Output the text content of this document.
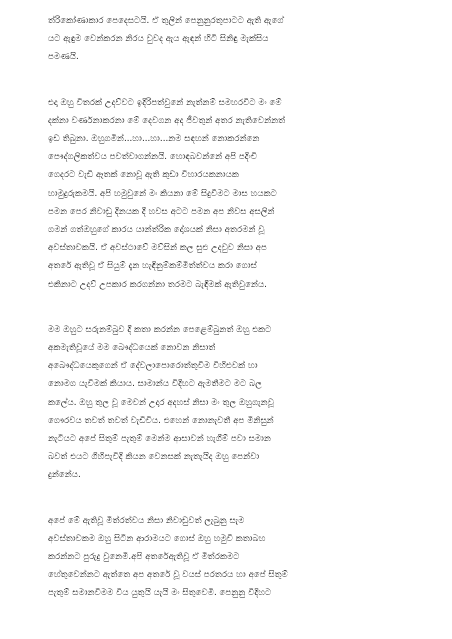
ත්රිකෝණාකාර පෙදෙසටයි. ඒ තුලින් පෙනුනුරතුපාටට ඇති ඇගේ
යට ඇඳුම වෙන්කරන නිරය වුවද ඇය ඇඳන් හිටි සිනිඳු මැක්සිය
පමණයි.

එදා ඔහු විතරක් උදව්වට ඉදිරිපත්වුනේ නැත්නම් සමහරවිට මං මේ
දක්නා වර්ණනාකරනා මේ දෙවගන අද ජීවතුන් අතර නැතිවෙන්නත්
ඉඩ තිබුනා. ඔහුගමින්...හා...හා...නම සඳහන් නොකරන්නෙ
පෞද්ගලිකත්වය පවත්වාගන්නයි. හොඳබවන්නේ අපි පදිංචි
ගෙදරට වැඩි ඈතක් නොවූ ඇති කුඩා විහාරයකනායක
හාමුදුරුකමයි. අපි හමුවුනේ මං කියනා මේ සිදුවීමට මාස හයකට
පමන පෙර නිවාඩු දිනයක දී හවස අටට පමන අප නිවස අසලින්
ගමන් ගත්ඔහුගේ කාරය යාන්ත්රික දෝශයක් නිසා අතරමන් වූ
අවස්තාවකයි. ඒ අවස්ථාවේ මව්සින් කල සුළු උදවුව නිසා අප
අතරේ ඇතිවූ ඒ සියුම් දැන හැඳිනුම්කම්මිත්ත්වය කරා ගොස්
එකිනාට උදව් උපකාර කරගන්නා තරමට බැඳීමක් ඇතිවුනේය.

මම ඔහුට සරුනම්බුව දී කතා කරන්න පෙළෙම්බුනත් ඔහු එකට
අකමැතිවූයේ මම බෞද්ධයෙක් නොවන නිසාත්
අබෞද්ධයෙකුගෙන් ඒ දේවලාපොරොත්තුවීම විහිළුවක් හා
නොමග යැවීමක් කියාය. සාමාන්ය විදිහට ඇමතීමට මට බල
කලේය. ඔහු තුල වූ මෙවන් උදාර අදහස් නිසා මං තුල ඔහුගැනවූ
ගෞරවය තවත් තවත් වැඩිවිය. එහෙන් නොනැවතී අප මිනිසුන්
නැටියට අපේ සිතුම් පැතුම් මෙන්ම ආසාවන් හැගීම් පවා සමාන
බවත් එයට ගිහිපැවිදි කියන වෙනසක් නැතැයිද ඔහු පෙන්වා
දුන්නේය.

අපේ මේ ඇතිවූ මිත්රත්වය නිසා නිවාඩුවත් ලැබුනු සැම
අවස්තාවකම ඔහු සිටින ආරාමයට ගොස් ඔහු හමුවී කතාබහ
කරන්නට පුරුදු වුනෙමි.අපි අතරේඇතිවූ ඒ මිත්රකමට
හේතුවෙන්නට ඇත්තෙ අප අතරේ වූ වයස් පරතරය හා අපේ සිතුම්
පැතුම් සමානවීමම විය යුතුයි යැයි මං සිතුවෙමි. පෙනුනු විදිහට
